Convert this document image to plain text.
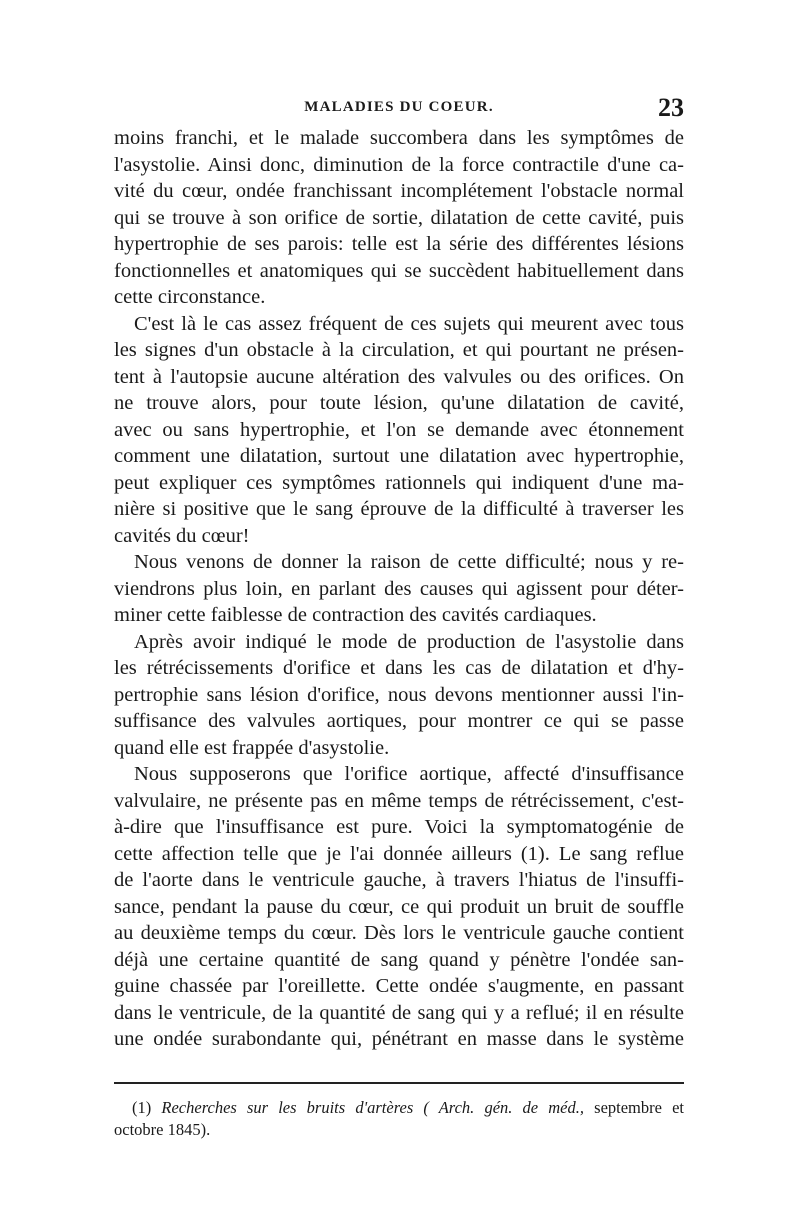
MALADIES DU COEUR.	23
moins franchi, et le malade succombera dans les symptômes de
l'asystolie. Ainsi donc, diminution de la force contractile d'une ca-
vité du cœur, ondée franchissant incomplétement l'obstacle normal
qui se trouve à son orifice de sortie, dilatation de cette cavité, puis
hypertrophie de ses parois: telle est la série des différentes lésions
fonctionnelles et anatomiques qui se succèdent habituellement dans
cette circonstance.
C'est là le cas assez fréquent de ces sujets qui meurent avec tous
les signes d'un obstacle à la circulation, et qui pourtant ne présen-
tent à l'autopsie aucune altération des valvules ou des orifices. On
ne trouve alors, pour toute lésion, qu'une dilatation de cavité,
avec ou sans hypertrophie, et l'on se demande avec étonnement
comment une dilatation, surtout une dilatation avec hypertrophie,
peut expliquer ces symptômes rationnels qui indiquent d'une ma-
nière si positive que le sang éprouve de la difficulté à traverser les
cavités du cœur!
Nous venons de donner la raison de cette difficulté; nous y re-
viendrons plus loin, en parlant des causes qui agissent pour déter-
miner cette faiblesse de contraction des cavités cardiaques.
Après avoir indiqué le mode de production de l'asystolie dans
les rétrécissements d'orifice et dans les cas de dilatation et d'hy-
pertrophie sans lésion d'orifice, nous devons mentionner aussi l'in-
suffisance des valvules aortiques, pour montrer ce qui se passe
quand elle est frappée d'asystolie.
Nous supposerons que l'orifice aortique, affecté d'insuffisance
valvulaire, ne présente pas en même temps de rétrécissement, c'est-
à-dire que l'insuffisance est pure. Voici la symptomatogénie de
cette affection telle que je l'ai donnée ailleurs (1). Le sang reflue
de l'aorte dans le ventricule gauche, à travers l'hiatus de l'insuffi-
sance, pendant la pause du cœur, ce qui produit un bruit de souffle
au deuxième temps du cœur. Dès lors le ventricule gauche contient
déjà une certaine quantité de sang quand y pénètre l'ondée san-
guine chassée par l'oreillette. Cette ondée s'augmente, en passant
dans le ventricule, de la quantité de sang qui y a reflué; il en résulte
une ondée surabondante qui, pénétrant en masse dans le système
(1) Recherches sur les bruits d'artères ( Arch. gén. de méd., septembre et
octobre 1845).
